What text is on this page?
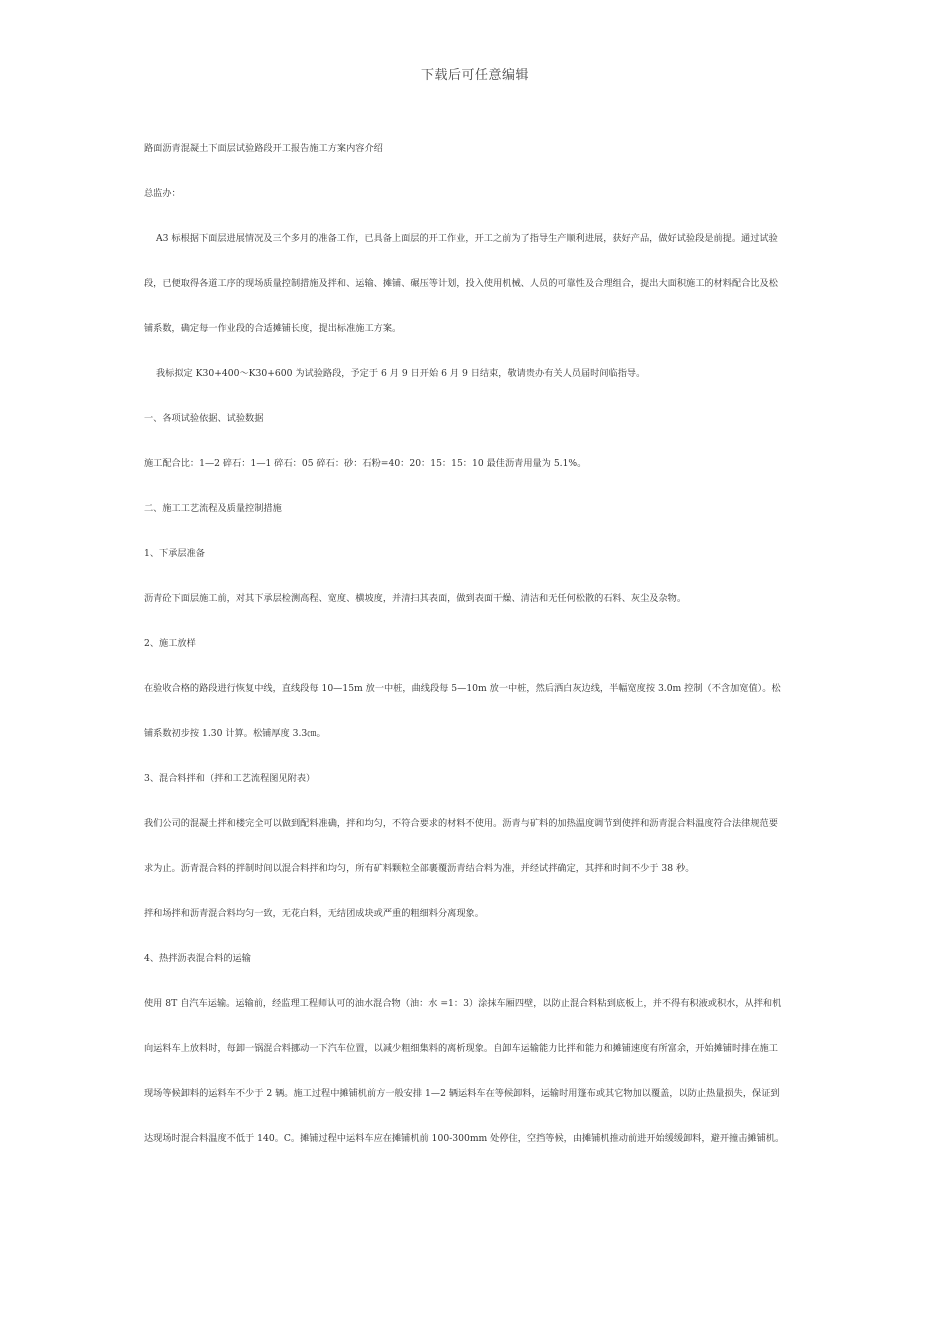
下载后可任意编辑

路面沥青混凝土下面层试验路段开工报告施工方案内容介绍

总监办：

A3 标根据下面层进展情况及三个多月的准备工作，已具备上面层的开工作业，开工之前为了指导生产顺利进展，获好产品，做好试验段是前提。通过试验

段，已便取得各道工序的现场质量控制措施及拌和、运输、摊铺、碾压等计划，投入使用机械、人员的可靠性及合理组合，提出大面积施工的材料配合比及松

铺系数，确定每一作业段的合适摊铺长度，提出标准施工方案。

我标拟定 K30+400～K30+600 为试验路段，予定于 6 月 9 日开始 6 月 9 日结束，敬请贵办有关人员届时间临指导。

一、各项试验依据、试验数据

施工配合比：1—2 碎石：1—1 碎石：05 碎石：砂：石粉=40：20：15：15：10 最佳沥青用量为 5.1%。

二、施工工艺流程及质量控制措施

1、下承层准备

沥青砼下面层施工前，对其下承层检测高程、宽度、横坡度，并清扫其表面，做到表面干燥、清洁和无任何松散的石料、灰尘及杂物。

2、施工放样

在验收合格的路段进行恢复中线，直线段每 10—15m 放一中桩，曲线段每 5—10m 放一中桩，然后洒白灰边线，半幅宽度按 3.0m 控制（不含加宽值）。松

铺系数初步按 1.30 计算。松铺厚度 3.3㎝。

3、混合料拌和（拌和工艺流程图见附表）

我们公司的混凝土拌和楼完全可以做到配料准确，拌和均匀，不符合要求的材料不使用。沥青与矿料的加热温度调节到使拌和沥青混合料温度符合法律规范要

求为止。沥青混合料的拌制时间以混合料拌和均匀，所有矿料颗粒全部裹覆沥青结合料为准，并经试拌确定，其拌和时间不少于 38 秒。

拌和场拌和沥青混合料均匀一致，无花白料，无结团成块或严重的粗细料分离现象。

4、热拌沥表混合料的运输

使用 8T 自汽车运输。运输前，经监理工程师认可的油水混合物（油：水 =1：3）涂抹车厢四壁，以防止混合料粘到底板上，并不得有积液或积水，从拌和机

向运料车上放料时，每卸一锅混合料挪动一下汽车位置，以减少粗细集料的离析现象。自卸车运输能力比拌和能力和摊铺速度有所富余，开始摊铺时排在施工

现场等候卸料的运料车不少于 2 辆。施工过程中摊铺机前方一般安排 1—2 辆运料车在等候卸料，运输时用篷布或其它物加以覆盖，以防止热量损失，保证到

达现场时混合料温度不低于 140。C。摊铺过程中运料车应在摊铺机前 100-300mm 处停住，空挡等候，由摊铺机推动前进开始缓缓卸料，避开撞击摊铺机。
